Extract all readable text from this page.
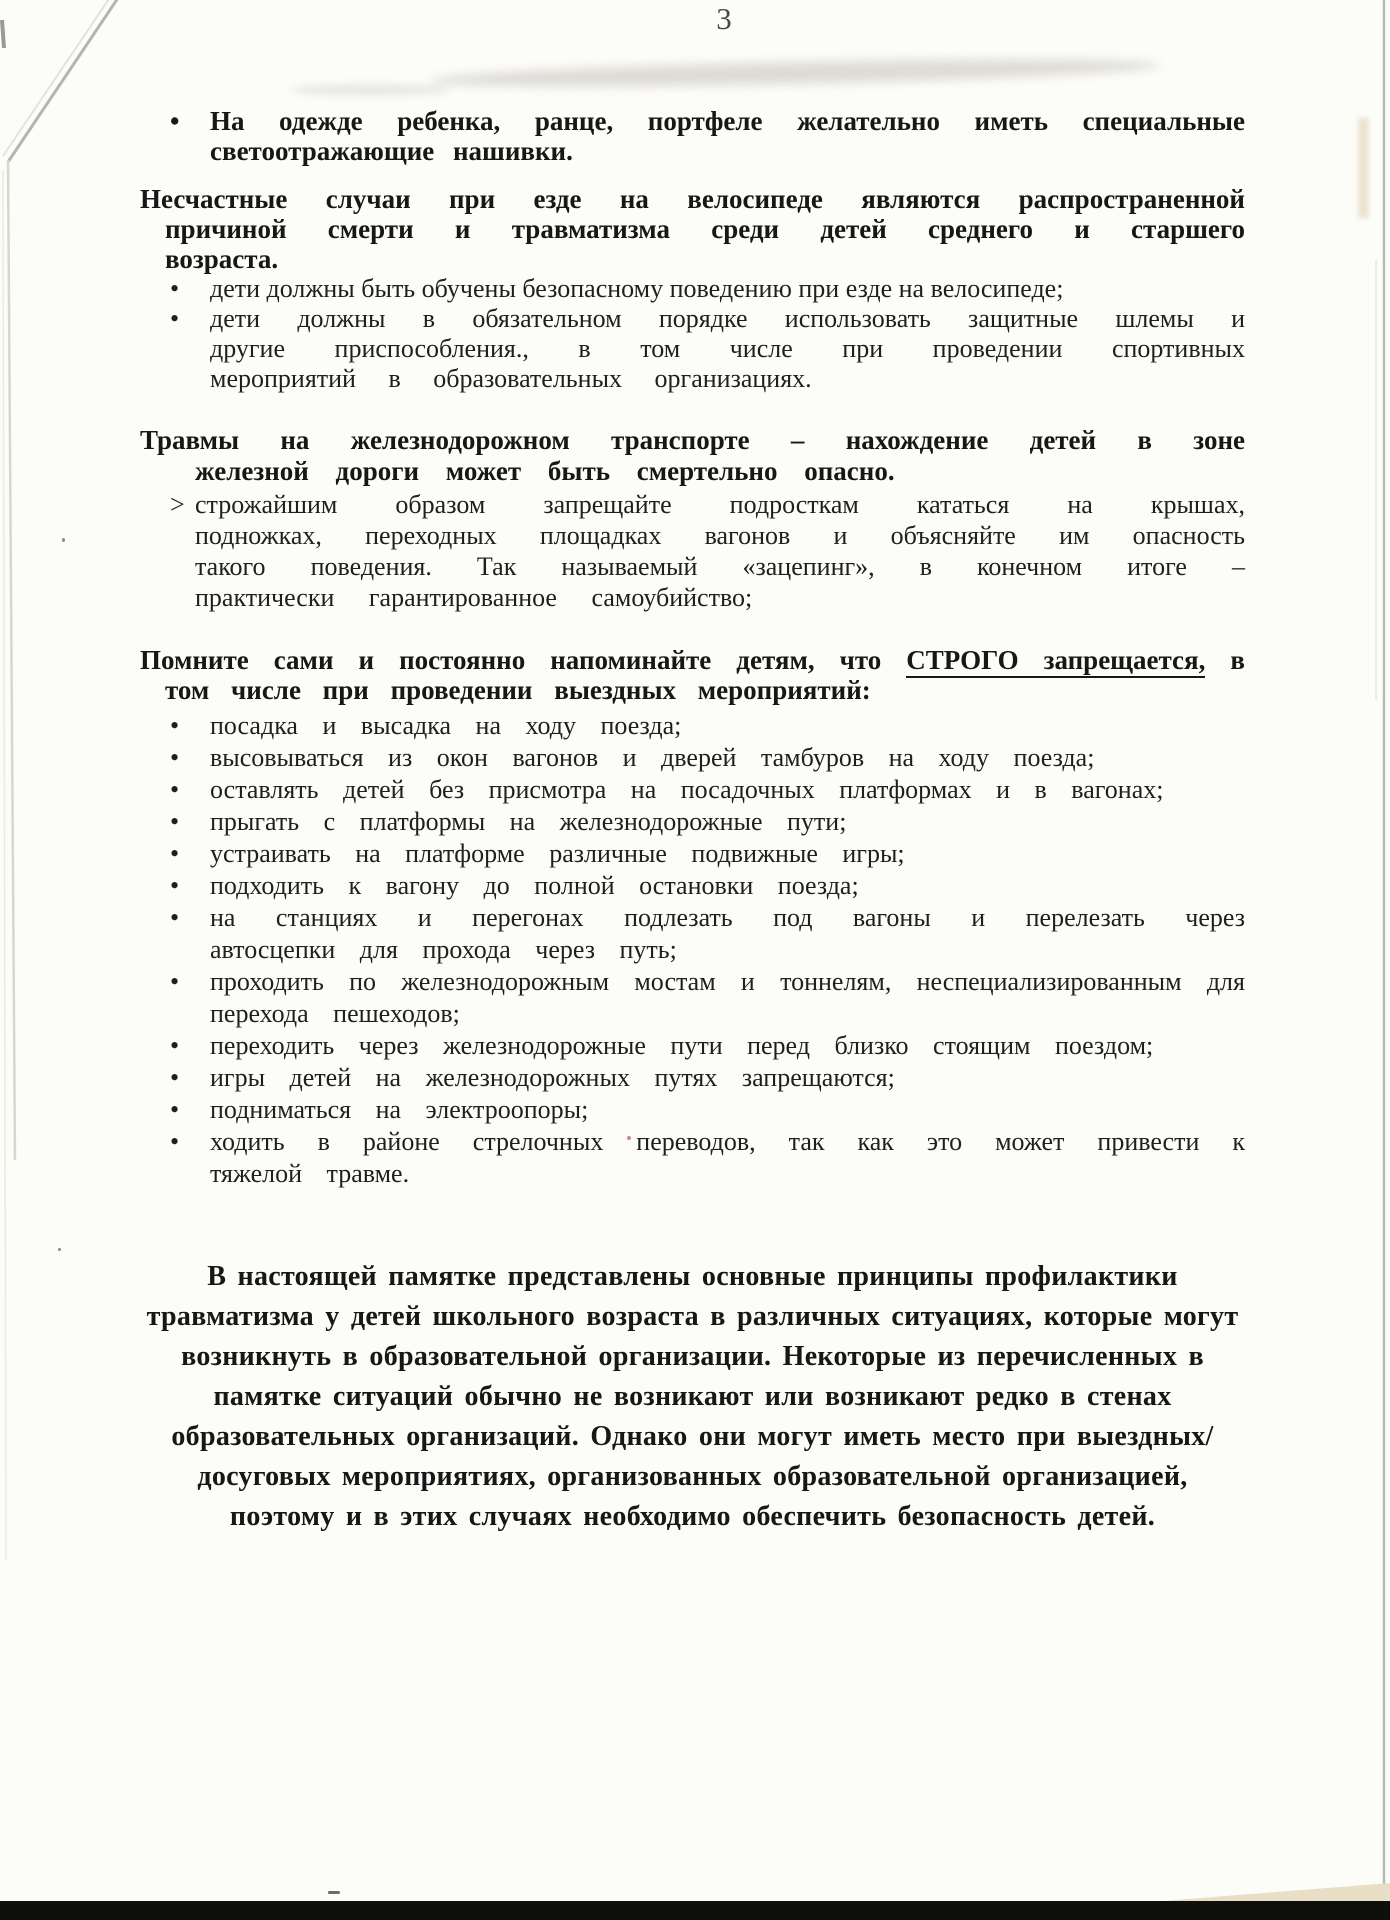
3
• На одежде ребенка, ранце, портфеле желательно иметь специальные светоотражающие нашивки.
Несчастные случаи при езде на велосипеде являются распространенной причиной смерти и травматизма среди детей среднего и старшего возраста.
• дети должны быть обучены безопасному поведению при езде на велосипеде;
• дети должны в обязательном порядке использовать защитные шлемы и другие приспособления., в том числе при проведении спортивных мероприятий в образовательных организациях.
Травмы на железнодорожном транспорте – нахождение детей в зоне железной дороги может быть смертельно опасно.
> строжайшим образом запрещайте подросткам кататься на крышах, подножках, переходных площадках вагонов и объясняйте им опасность такого поведения. Так называемый «зацепинг», в конечном итоге – практически гарантированное самоубийство;
Помните сами и постоянно напоминайте детям, что СТРОГО запрещается, в том числе при проведении выездных мероприятий:
• посадка и высадка на ходу поезда;
• высовываться из окон вагонов и дверей тамбуров на ходу поезда;
• оставлять детей без присмотра на посадочных платформах и в вагонах;
• прыгать с платформы на железнодорожные пути;
• устраивать на платформе различные подвижные игры;
• подходить к вагону до полной остановки поезда;
• на станциях и перегонах подлезать под вагоны и перелезать через автосцепки для прохода через путь;
• проходить по железнодорожным мостам и тоннелям, неспециализированным для перехода пешеходов;
• переходить через железнодорожные пути перед близко стоящим поездом;
• игры детей на железнодорожных путях запрещаются;
• подниматься на электроопоры;
• ходить в районе стрелочных переводов, так как это может привести к тяжелой травме.
В настоящей памятке представлены основные принципы профилактики травматизма у детей школьного возраста в различных ситуациях, которые могут возникнуть в образовательной организации. Некоторые из перечисленных в памятке ситуаций обычно не возникают или возникают редко в стенах образовательных организаций. Однако они могут иметь место при выездных/досуговых мероприятиях, организованных образовательной организацией, поэтому и в этих случаях необходимо обеспечить безопасность детей.
